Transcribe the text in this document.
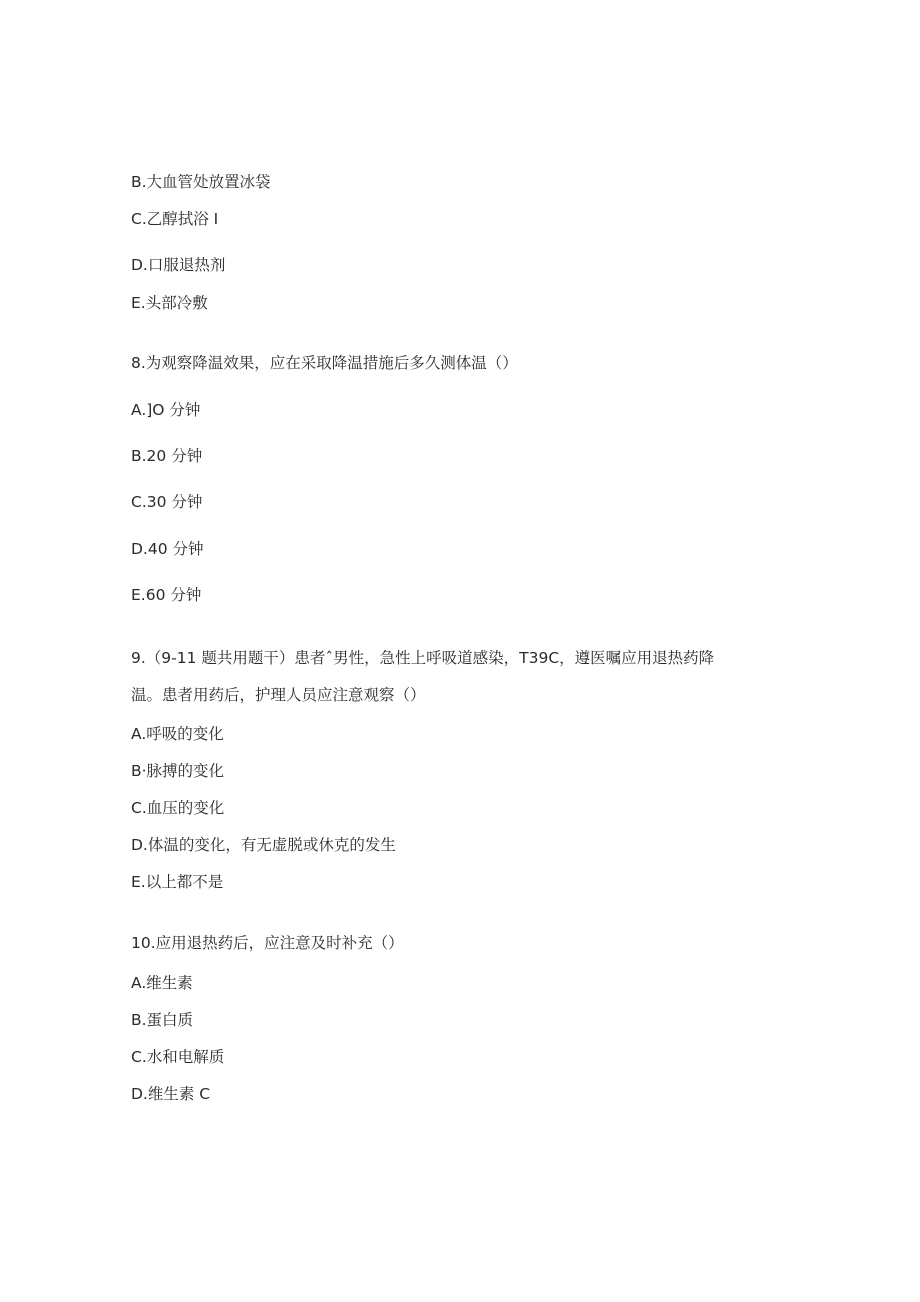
B.大血管处放置冰袋
C.乙醇拭浴 I
D.口服退热剂
E.头部冷敷
8.为观察降温效果，应在采取降温措施后多久测体温（）
A.]O 分钟
B.20 分钟
C.30 分钟
D.40 分钟
E.60 分钟
9.（9-11 题共用题干）患者ˆ男性，急性上呼吸道感染，T39C，遵医嘱应用退热药降
温。患者用药后，护理人员应注意观察（）
A.呼吸的变化
B·脉搏的变化
C.血压的变化
D.体温的变化，有无虚脱或休克的发生
E.以上都不是
10.应用退热药后，应注意及时补充（）
A.维生素
B.蛋白质
C.水和电解质
D.维生素 C
